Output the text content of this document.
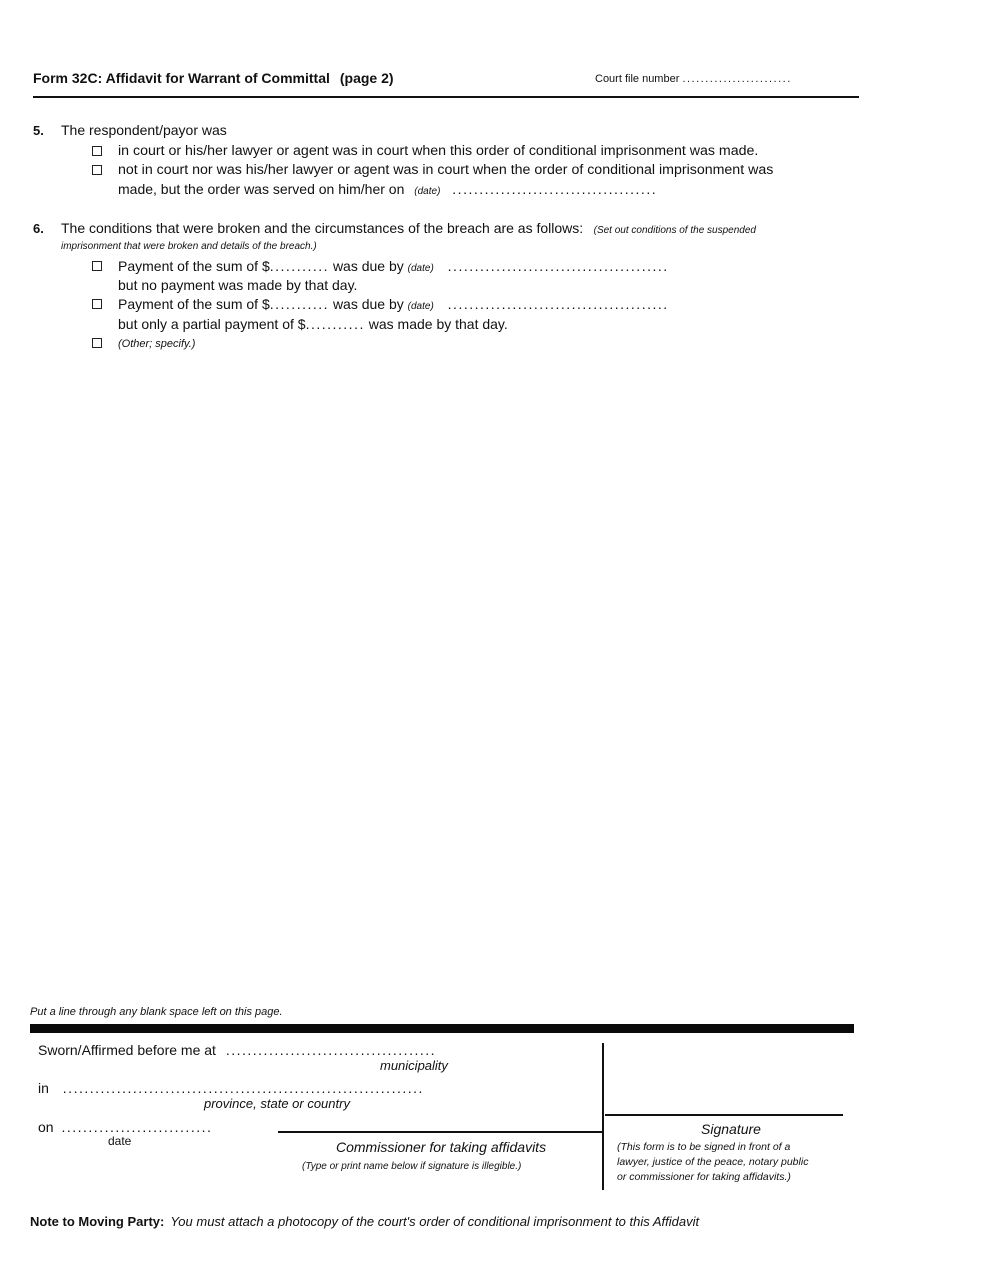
Form 32C: Affidavit for Warrant of Committal (page 2)	Court file number ........................
5. The respondent/payor was
in court or his/her lawyer or agent was in court when this order of conditional imprisonment was made.
not in court nor was his/her lawyer or agent was in court when the order of conditional imprisonment was
made, but the order was served on him/her on (date) ......................................
6. The conditions that were broken and the circumstances of the breach are as follows: (Set out conditions of the suspended
imprisonment that were broken and details of the breach.)
Payment of the sum of $........... was due by (date) .........................................
but no payment was made by that day.
Payment of the sum of $........... was due by (date) .........................................
but only a partial payment of $........... was made by that day.
(Other; specify.)
Put a line through any blank space left on this page.
Sworn/Affirmed before me at .......................................
municipality
in ...................................................................
province, state or country
on ............................
date	Commissioner for taking affidavits
(Type or print name below if signature is illegible.)
Signature
(This form is to be signed in front of a
lawyer, justice of the peace, notary public
or commissioner for taking affidavits.)
Note to Moving Party: You must attach a photocopy of the court's order of conditional imprisonment to this Affidavit
